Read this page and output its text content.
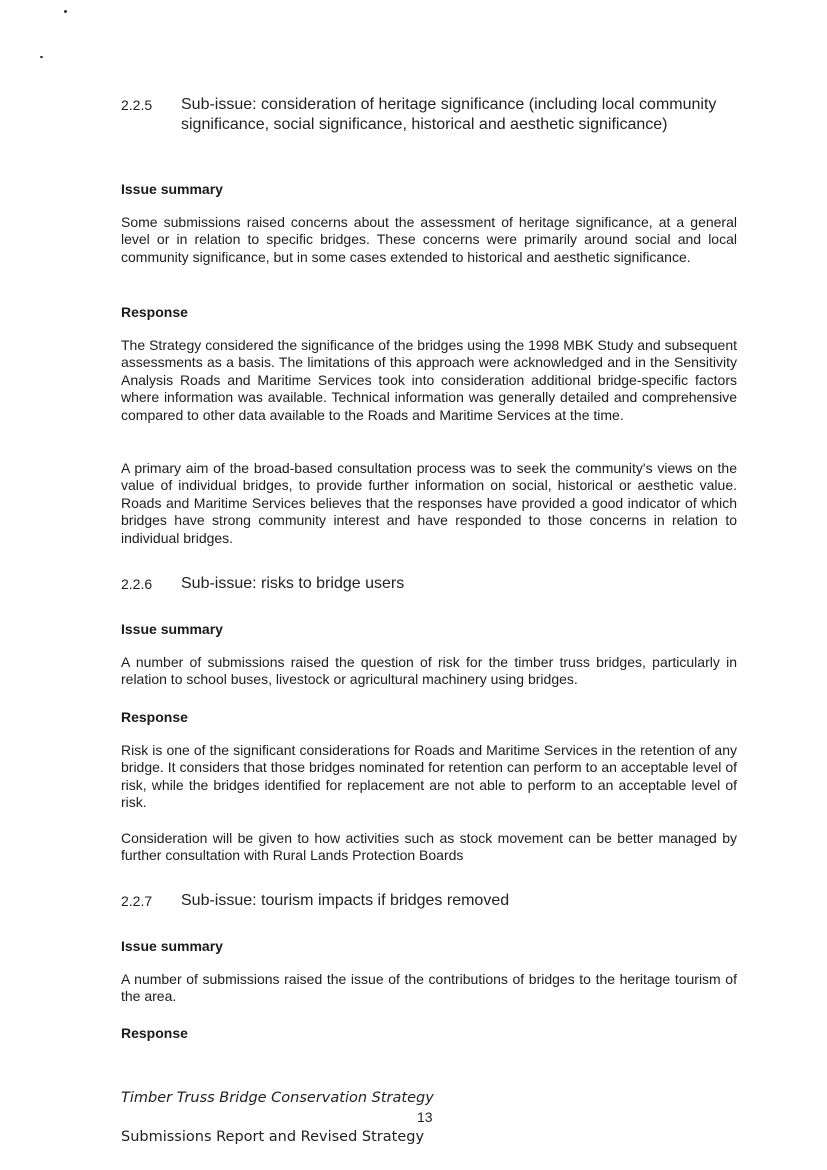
2.2.5	Sub-issue: consideration of heritage significance (including local community significance, social significance, historical and aesthetic significance)
Issue summary
Some submissions raised concerns about the assessment of heritage significance, at a general level or in relation to specific bridges. These concerns were primarily around social and local community significance, but in some cases extended to historical and aesthetic significance.
Response
The Strategy considered the significance of the bridges using the 1998 MBK Study and subsequent assessments as a basis. The limitations of this approach were acknowledged and in the Sensitivity Analysis Roads and Maritime Services took into consideration additional bridge-specific factors where information was available. Technical information was generally detailed and comprehensive compared to other data available to the Roads and Maritime Services at the time.
A primary aim of the broad-based consultation process was to seek the community's views on the value of individual bridges, to provide further information on social, historical or aesthetic value. Roads and Maritime Services believes that the responses have provided a good indicator of which bridges have strong community interest and have responded to those concerns in relation to individual bridges.
2.2.6	Sub-issue: risks to bridge users
Issue summary
A number of submissions raised the question of risk for the timber truss bridges, particularly in relation to school buses, livestock or agricultural machinery using bridges.
Response
Risk is one of the significant considerations for Roads and Maritime Services in the retention of any bridge. It considers that those bridges nominated for retention can perform to an acceptable level of risk, while the bridges identified for replacement are not able to perform to an acceptable level of risk.
Consideration will be given to how activities such as stock movement can be better managed by further consultation with Rural Lands Protection Boards
2.2.7	Sub-issue: tourism impacts if bridges removed
Issue summary
A number of submissions raised the issue of the contributions of bridges to the heritage tourism of the area.
Response
Timber Truss Bridge Conservation Strategy
13
Submissions Report and Revised Strategy
